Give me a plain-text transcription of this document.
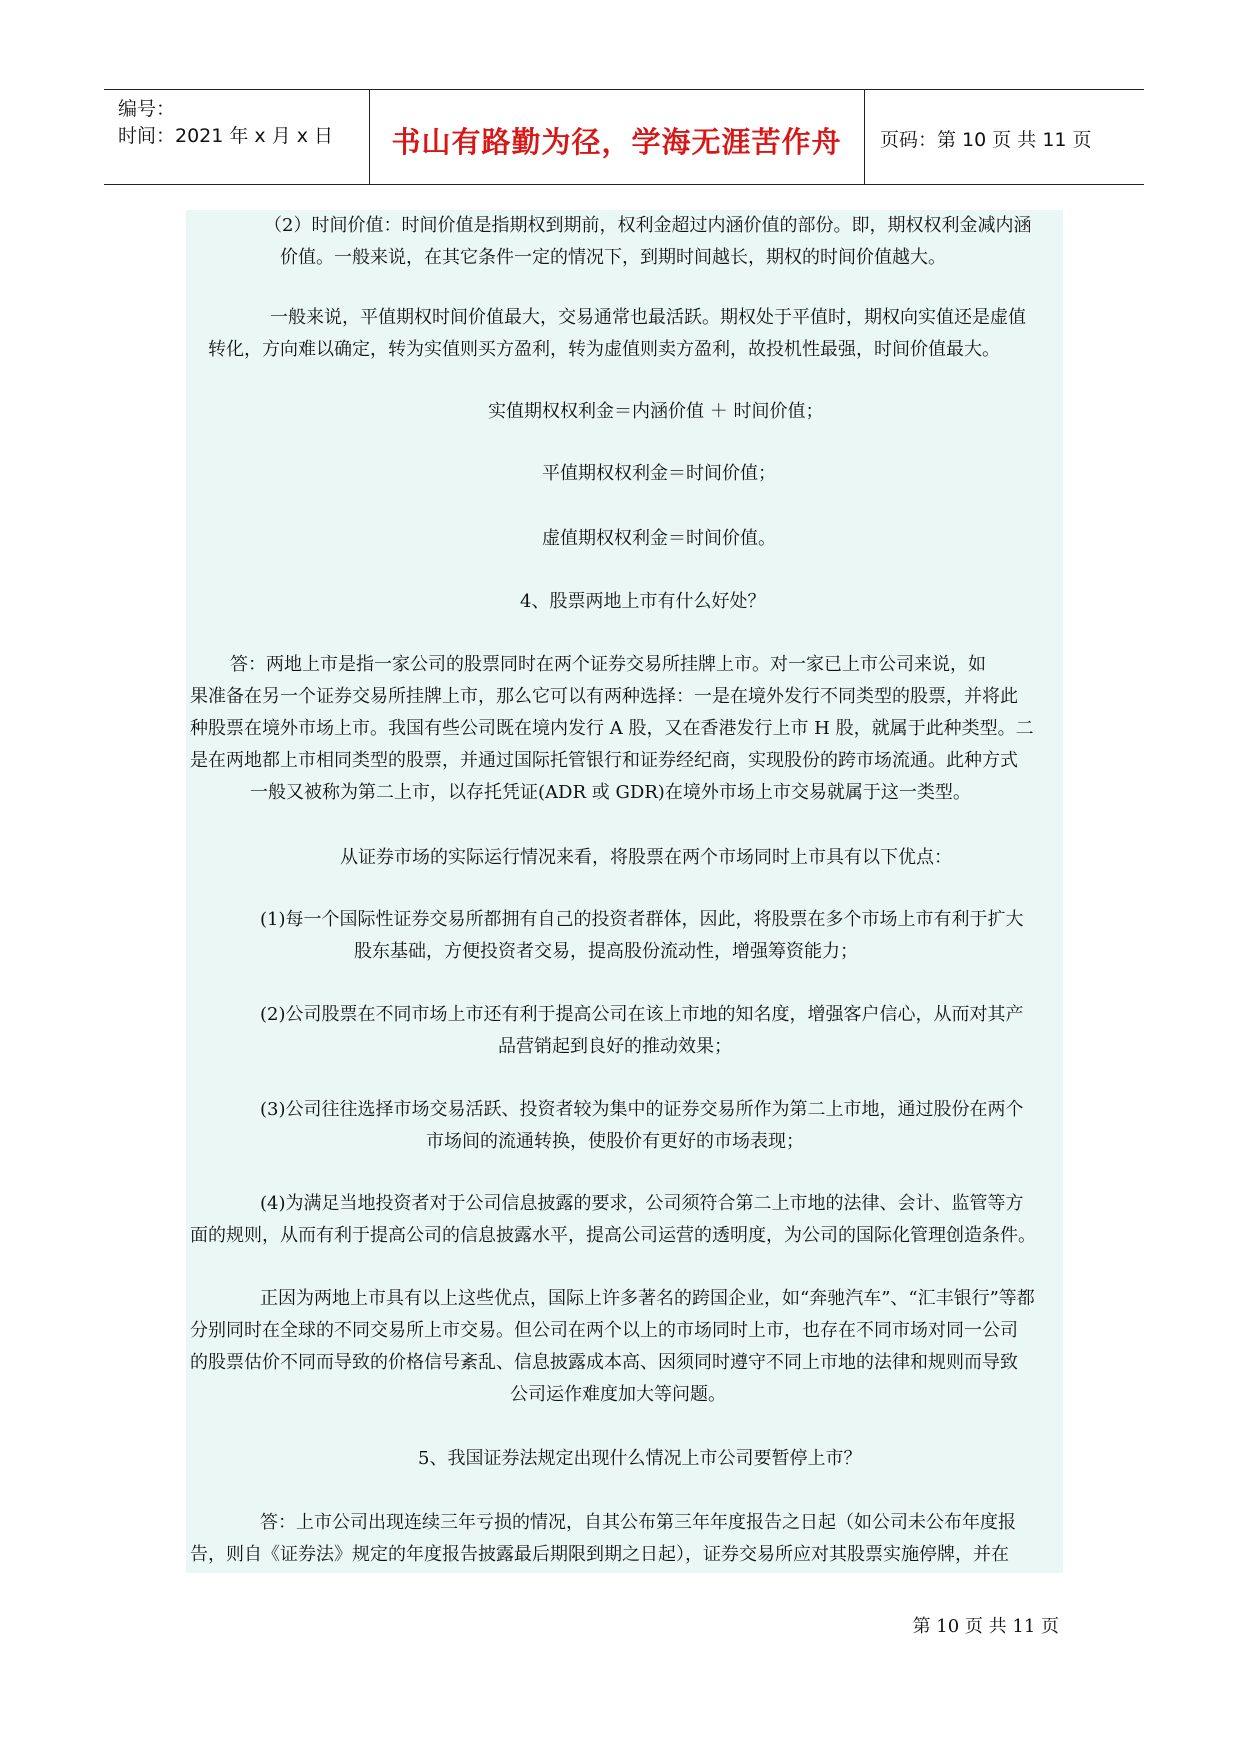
编号：
时间：2021 年 x 月 x 日	书山有路勤为径，学海无涯苦作舟	页码：第 10 页 共 11 页
（2）时间价值：时间价值是指期权到期前，权利金超过内涵价值的部份。即，期权权利金减内涵
价值。一般来说，在其它条件一定的情况下，到期时间越长，期权的时间价值越大。
一般来说，平值期权时间价值最大，交易通常也最活跃。期权处于平值时，期权向实值还是虚值
转化，方向难以确定，转为实值则买方盈利，转为虚值则卖方盈利，故投机性最强，时间价值最大。
实值期权权利金＝内涵价值 ＋ 时间价值；
平值期权权利金＝时间价值；
虚值期权权利金＝时间价值。
4、股票两地上市有什么好处？
答：两地上市是指一家公司的股票同时在两个证券交易所挂牌上市。对一家已上市公司来说，如
果准备在另一个证券交易所挂牌上市，那么它可以有两种选择：一是在境外发行不同类型的股票，并将此
种股票在境外市场上市。我国有些公司既在境内发行 A 股，又在香港发行上市 H 股，就属于此种类型。二
是在两地都上市相同类型的股票，并通过国际托管银行和证券经纪商，实现股份的跨市场流通。此种方式
一般又被称为第二上市，以存托凭证(ADR 或 GDR)在境外市场上市交易就属于这一类型。
从证券市场的实际运行情况来看，将股票在两个市场同时上市具有以下优点：
(1)每一个国际性证券交易所都拥有自己的投资者群体，因此，将股票在多个市场上市有利于扩大
股东基础，方便投资者交易，提高股份流动性，增强筹资能力；
(2)公司股票在不同市场上市还有利于提高公司在该上市地的知名度，增强客户信心，从而对其产
品营销起到良好的推动效果；
(3)公司往往选择市场交易活跃、投资者较为集中的证券交易所作为第二上市地，通过股份在两个
市场间的流通转换，使股价有更好的市场表现；
(4)为满足当地投资者对于公司信息披露的要求，公司须符合第二上市地的法律、会计、监管等方
面的规则，从而有利于提高公司的信息披露水平，提高公司运营的透明度，为公司的国际化管理创造条件。
正因为两地上市具有以上这些优点，国际上许多著名的跨国企业，如“奔驰汽车”、“汇丰银行”等都
分别同时在全球的不同交易所上市交易。但公司在两个以上的市场同时上市，也存在不同市场对同一公司
的股票估价不同而导致的价格信号紊乱、信息披露成本高、因须同时遵守不同上市地的法律和规则而导致
公司运作难度加大等问题。
5、我国证券法规定出现什么情况上市公司要暂停上市？
答：上市公司出现连续三年亏损的情况，自其公布第三年年度报告之日起（如公司未公布年度报
告，则自《证券法》规定的年度报告披露最后期限到期之日起），证券交易所应对其股票实施停牌，并在
第 10 页 共 11 页
